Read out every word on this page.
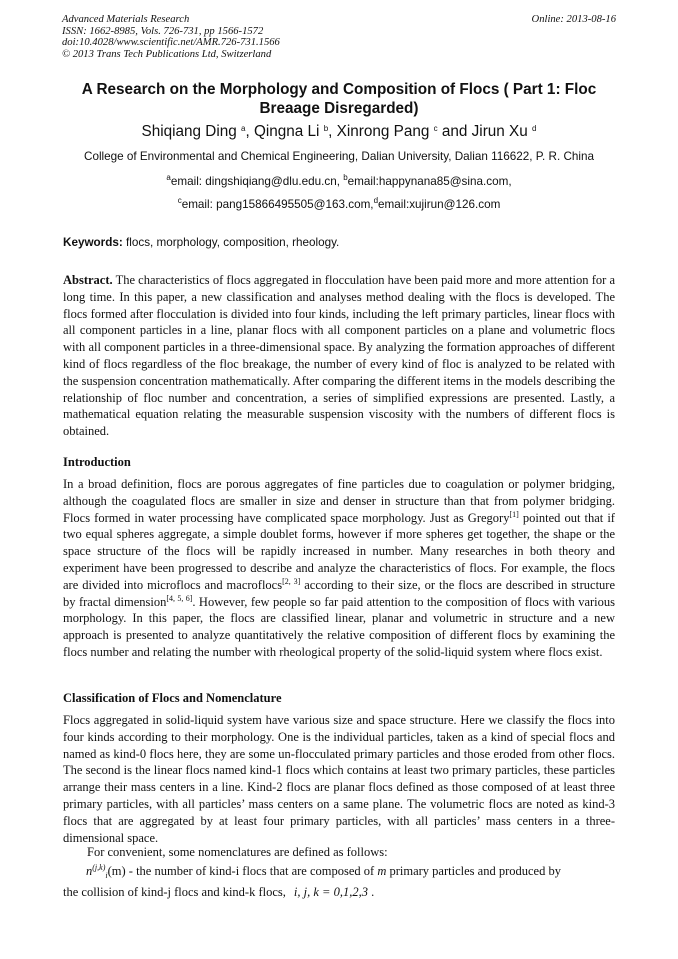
Advanced Materials Research
ISSN: 1662-8985, Vols. 726-731, pp 1566-1572
doi:10.4028/www.scientific.net/AMR.726-731.1566
© 2013 Trans Tech Publications Ltd, Switzerland
Online: 2013-08-16
A Research on the Morphology and Composition of Flocs ( Part 1: Floc Breaage Disregarded)
Shiqiang Ding $^a$, Qingna Li $^b$, Xinrong Pang $^c$ and Jirun Xu $^d$
College of Environmental and Chemical Engineering, Dalian University, Dalian 116622, P. R. China
$^a$email: dingshiqiang@dlu.edu.cn, $^b$email:happynana85@sina.com,
$^c$email: pang15866495505@163.com,$^d$email:xujirun@126.com
Keywords: flocs, morphology, composition, rheology.
Abstract. The characteristics of flocs aggregated in flocculation have been paid more and more attention for a long time. In this paper, a new classification and analyses method dealing with the flocs is developed. The flocs formed after flocculation is divided into four kinds, including the left primary particles, linear flocs with all component particles in a line, planar flocs with all component particles on a plane and volumetric flocs with all component particles in a three-dimensional space. By analyzing the formation approaches of different kind of flocs regardless of the floc breakage, the number of every kind of floc is analyzed to be related with the suspension concentration mathematically. After comparing the different items in the models describing the relationship of floc number and concentration, a series of simplified expressions are presented. Lastly, a mathematical equation relating the measurable suspension viscosity with the numbers of different flocs is obtained.
Introduction
In a broad definition, flocs are porous aggregates of fine particles due to coagulation or polymer bridging, although the coagulated flocs are smaller in size and denser in structure than that from polymer bridging. Flocs formed in water processing have complicated space morphology. Just as Gregory[1] pointed out that if two equal spheres aggregate, a simple doublet forms, however if more spheres get together, the shape or the space structure of the flocs will be rapidly increased in number. Many researches in both theory and experiment have been progressed to describe and analyze the characteristics of flocs. For example, the flocs are divided into microflocs and macroflocs[2, 3] according to their size, or the flocs are described in structure by fractal dimension[4, 5, 6]. However, few people so far paid attention to the composition of flocs with various morphology. In this paper, the flocs are classified linear, planar and volumetric in structure and a new approach is presented to analyze quantitatively the relative composition of different flocs by examining the flocs number and relating the number with rheological property of the solid-liquid system where flocs exist.
Classification of Flocs and Nomenclature
Flocs aggregated in solid-liquid system have various size and space structure. Here we classify the flocs into four kinds according to their morphology. One is the individual particles, taken as a kind of special flocs and named as kind-0 flocs here, they are some un-flocculated primary particles and those eroded from other flocs. The second is the linear flocs named kind-1 flocs which contains at least two primary particles, these particles arrange their mass centers in a line. Kind-2 flocs are planar flocs defined as those composed of at least three primary particles, with all particles’ mass centers on a same plane. The volumetric flocs are noted as kind-3 flocs that are aggregated by at least four primary particles, with all particles’ mass centers in a three-dimensional space.
For convenient, some nomenclatures are defined as follows:
$n^{(j,k)}_i(m)$ - the number of kind-i flocs that are composed of m primary particles and produced by
the collision of kind-j flocs and kind-k flocs, i, j, k = 0,1,2,3 .
